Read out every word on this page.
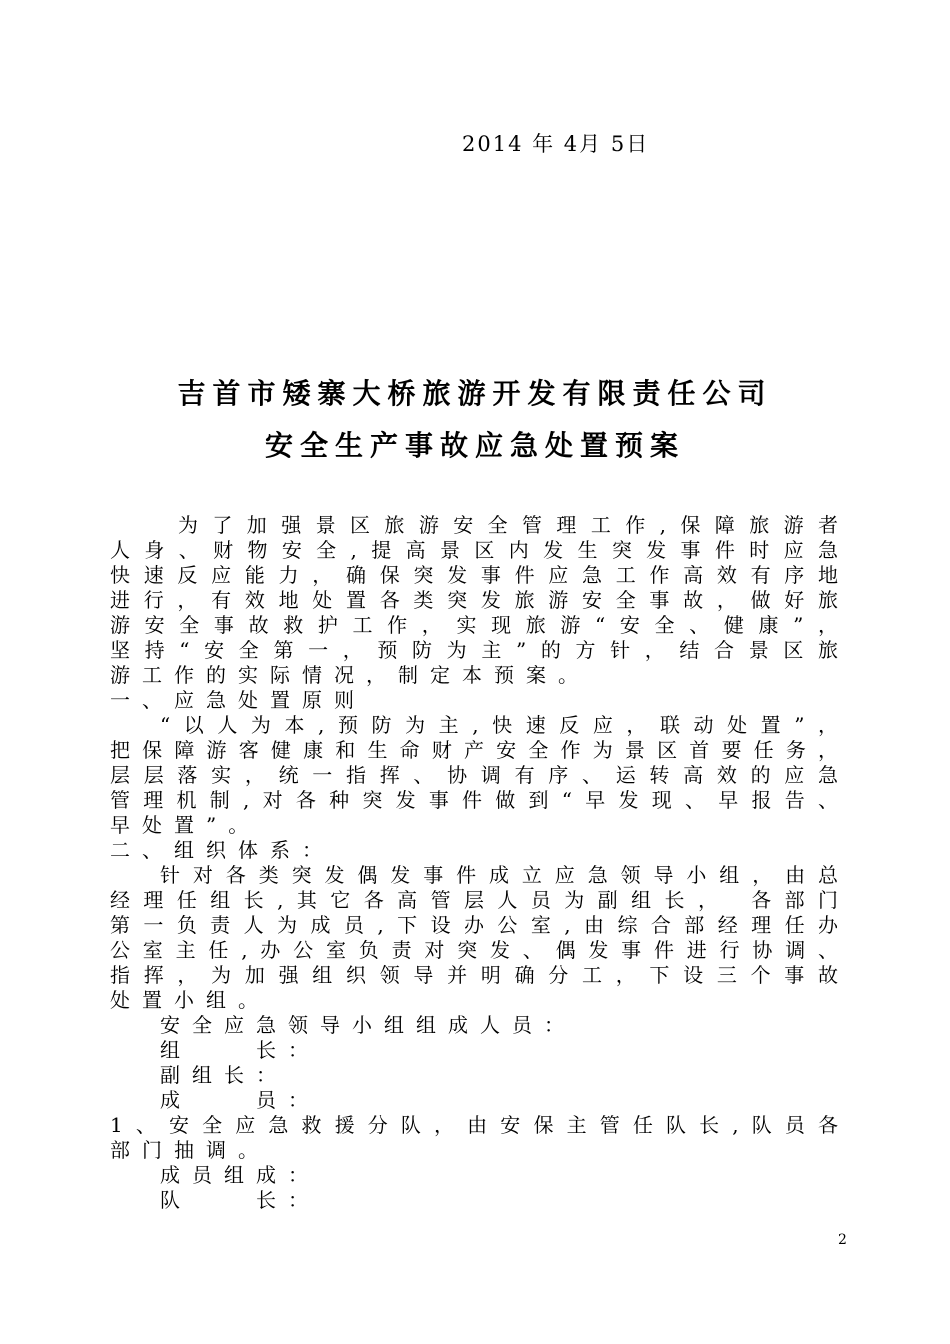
2014 年 4月 5日
吉首市矮寨大桥旅游开发有限责任公司
安全生产事故应急处置预案
为了加强景区旅游安全管理工作,保障旅游者
人身、财物安全,提高景区内发生突发事件时应急
快速反应能力，确保突发事件应急工作高效有序地
进行，有效地处置各类突发旅游安全事故，做好旅
游安全事故救护工作，实现旅游“安全、健康”，
坚持“安全第一，预防为主”的方针，结合景区旅
游工作的实际情况，制定本预案。
一、应急处置原则
“以人为本,预防为主,快速反应，联动处置”，
把保障游客健康和生命财产安全作为景区首要任务，
层层落实，统一指挥、协调有序、运转高效的应急
管理机制,对各种突发事件做到“早发现、早报告、
早处置”。
二、组织体系：
针对各类突发偶发事件成立应急领导小组，由总
经理任组长,其它各高管层人员为副组长， 各部门
第一负责人为成员,下设办公室,由综合部经理任办
公室主任,办公室负责对突发、偶发事件进行协调、
指挥，为加强组织领导并明确分工，下设三个事故
处置小组。
安全应急领导小组组成人员：
组　　长：
副组长：
成　　员：
1、安全应急救援分队，由安保主管任队长,队员各
部门抽调。
成员组成：
队　　长：
2
